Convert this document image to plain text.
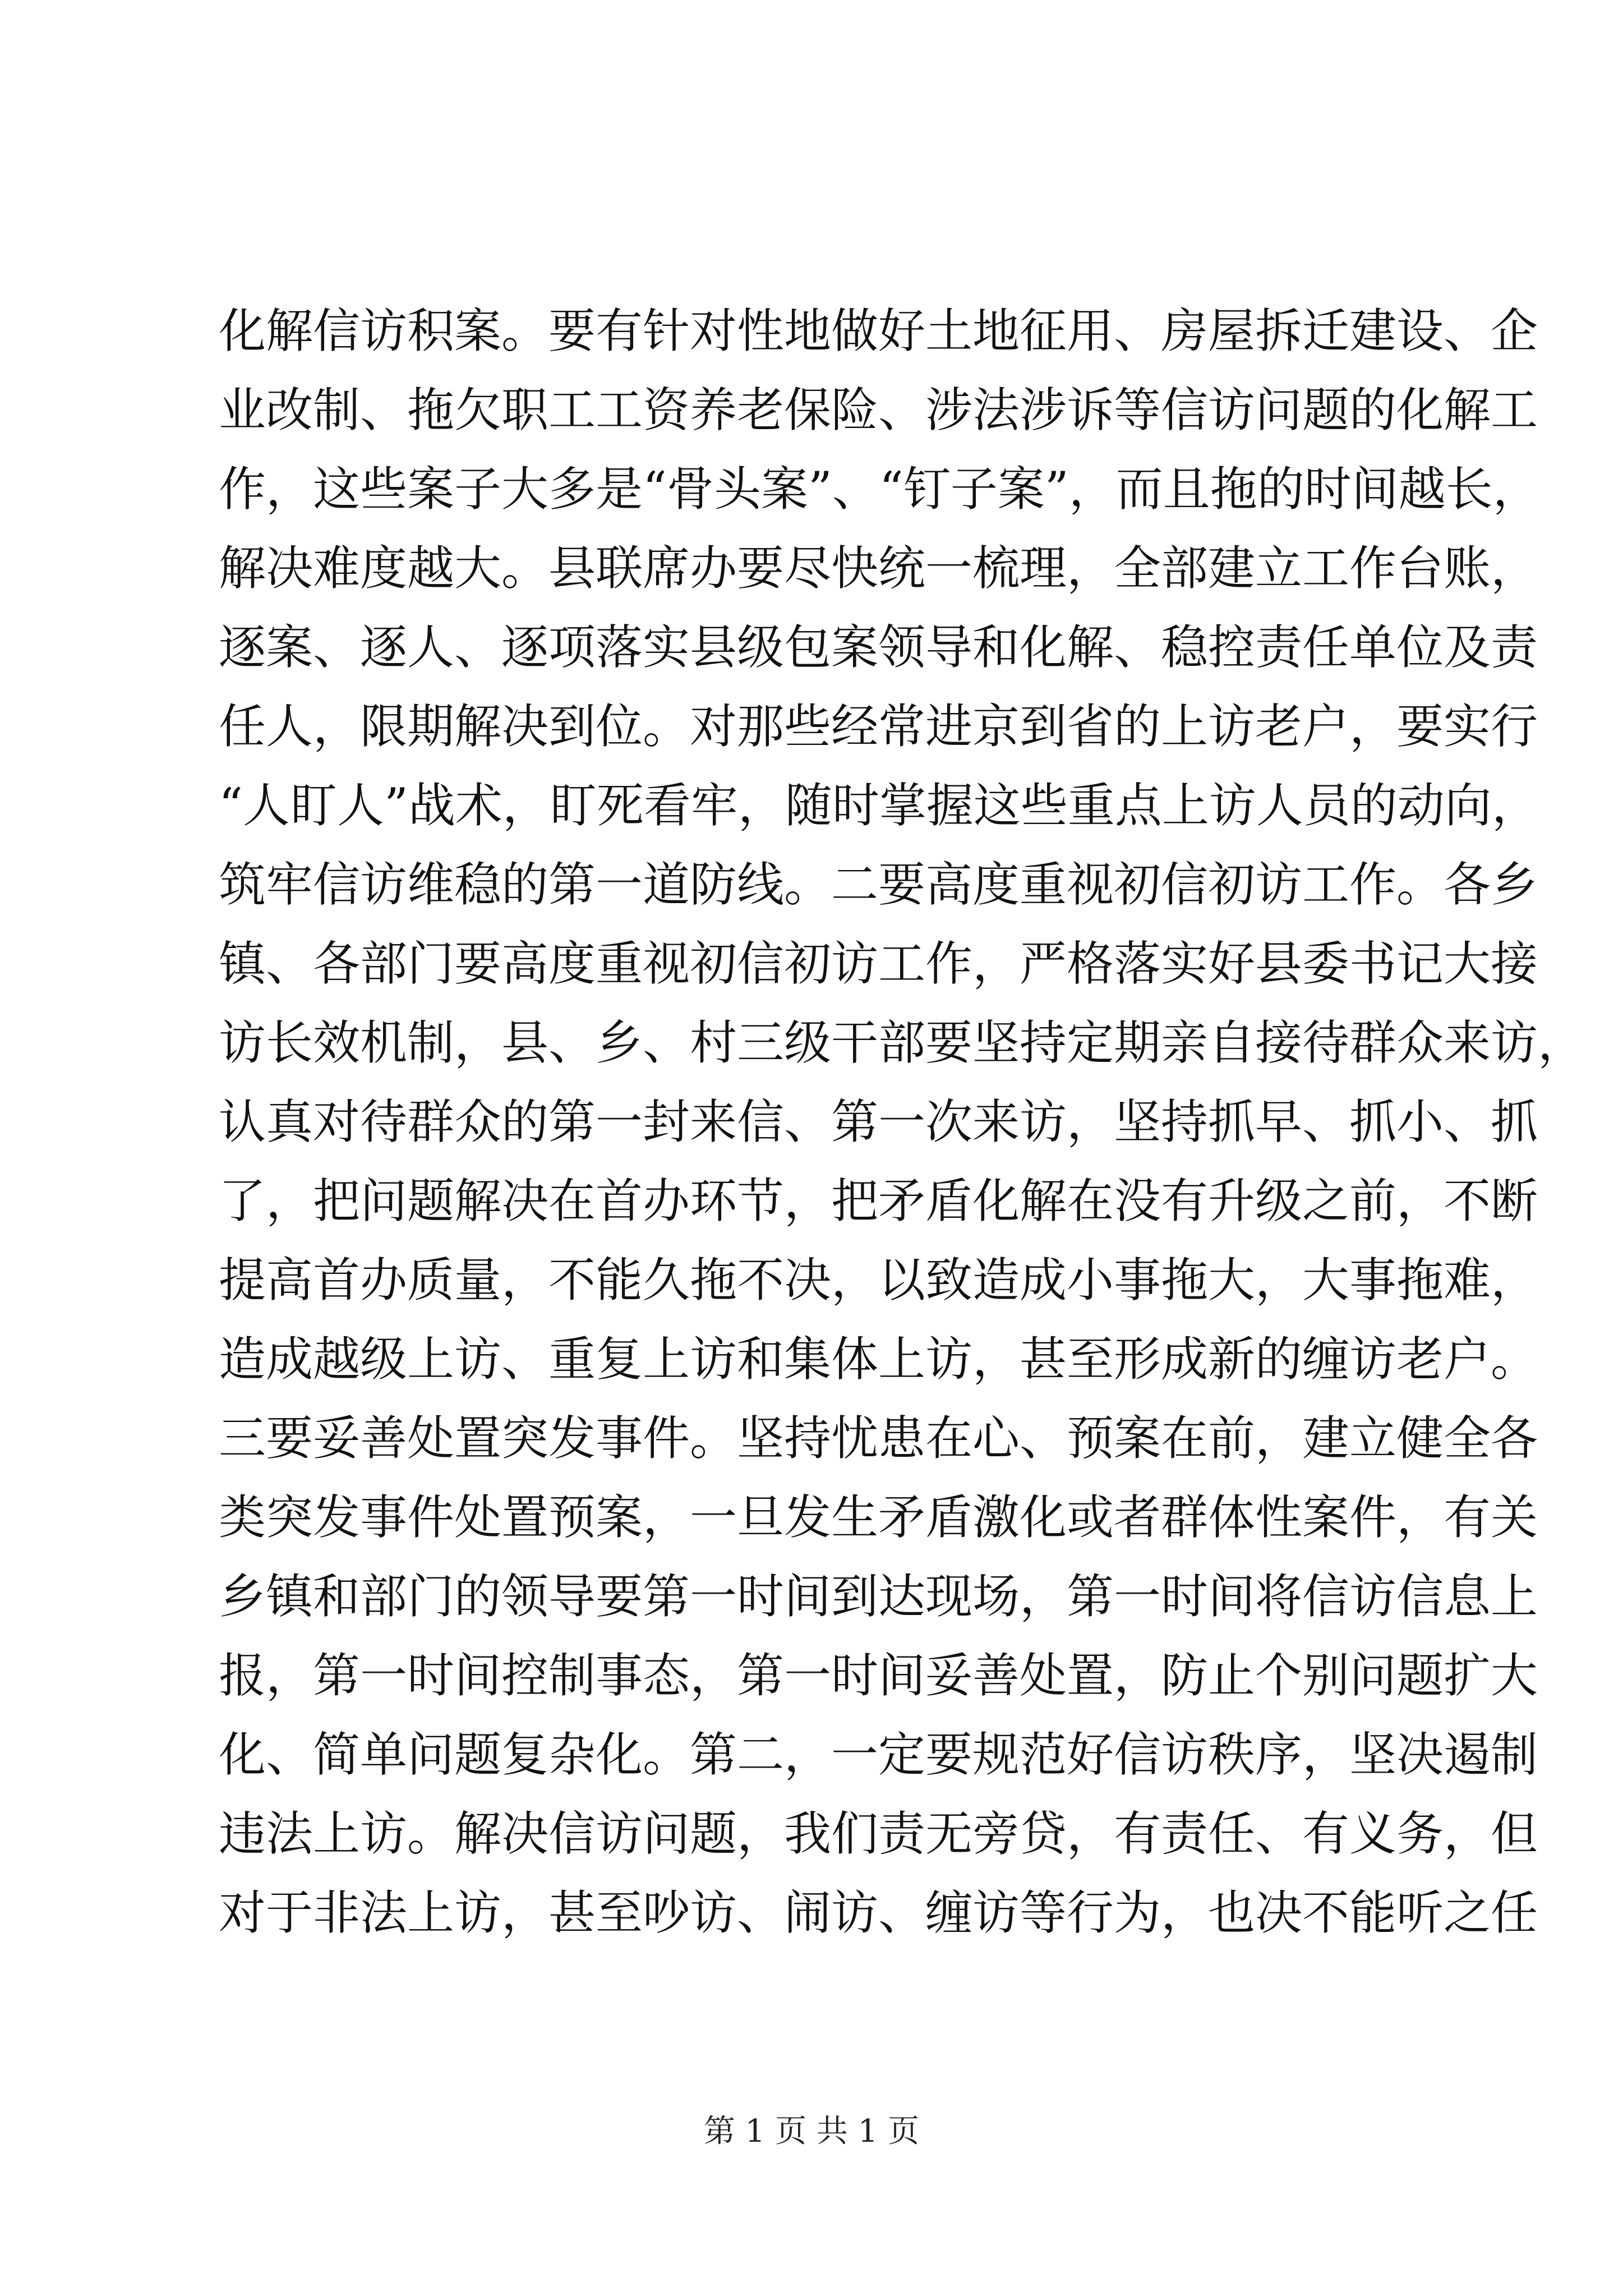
化解信访积案。要有针对性地做好土地征用、房屋拆迁建设、企
业改制、拖欠职工工资养老保险、涉法涉诉等信访问题的化解工
作，这些案子大多是“骨头案”、“钉子案”，而且拖的时间越长，
解决难度越大。县联席办要尽快统一梳理，全部建立工作台账，
逐案、逐人、逐项落实县级包案领导和化解、稳控责任单位及责
任人，限期解决到位。对那些经常进京到省的上访老户，要实行
“人盯人”战术，盯死看牢，随时掌握这些重点上访人员的动向，
筑牢信访维稳的第一道防线。二要高度重视初信初访工作。各乡
镇、各部门要高度重视初信初访工作，严格落实好县委书记大接
访长效机制，县、乡、村三级干部要坚持定期亲自接待群众来访，
认真对待群众的第一封来信、第一次来访，坚持抓早、抓小、抓
了，把问题解决在首办环节，把矛盾化解在没有升级之前，不断
提高首办质量，不能久拖不决，以致造成小事拖大，大事拖难，
造成越级上访、重复上访和集体上访，甚至形成新的缠访老户。
三要妥善处置突发事件。坚持忧患在心、预案在前，建立健全各
类突发事件处置预案，一旦发生矛盾激化或者群体性案件，有关
乡镇和部门的领导要第一时间到达现场，第一时间将信访信息上
报，第一时间控制事态，第一时间妥善处置，防止个别问题扩大
化、简单问题复杂化。第二，一定要规范好信访秩序，坚决遏制
违法上访。解决信访问题，我们责无旁贷，有责任、有义务，但
对于非法上访，甚至吵访、闹访、缠访等行为，也决不能听之任
第 1 页 共 1 页
